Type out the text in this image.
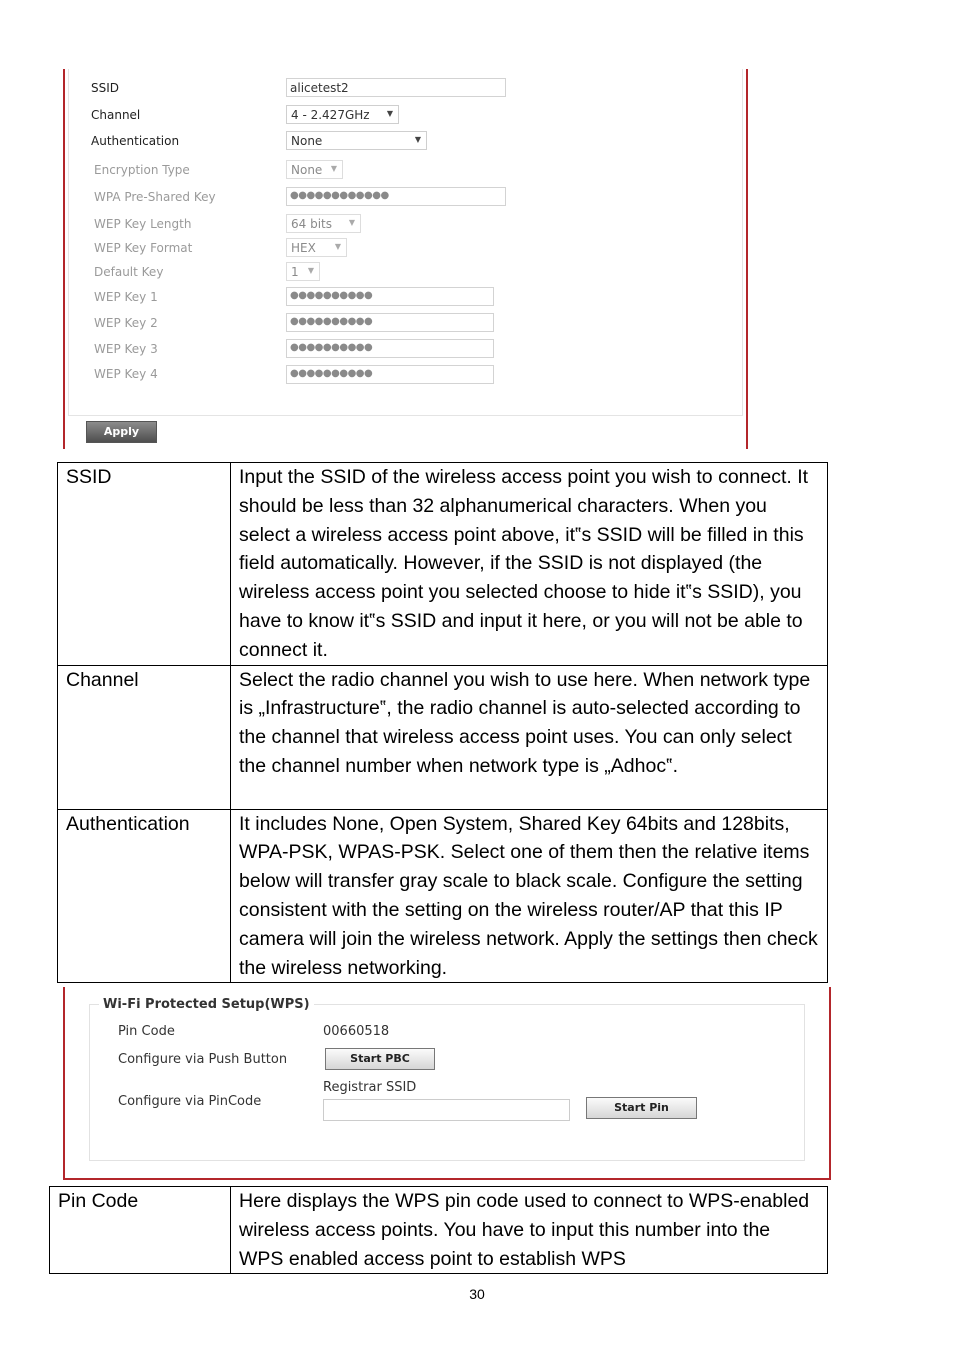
SSID	alicetest2
Channel	4 - 2.427GHz ▼
Authentication	None	▼
Encryption Type	None ▼
WPA Pre-Shared Key	●●●●●●●●●●●●
WEP Key Length	64 bits ▼
WEP Key Format	HEX ▼
Default Key	1 ▼
WEP Key 1	●●●●●●●●●●
WEP Key 2	●●●●●●●●●●
WEP Key 3	●●●●●●●●●●
WEP Key 4	●●●●●●●●●●
Apply
SSID	Input the SSID of the wireless access point you wish to connect. It should be less than 32 alphanumerical characters. When you select a wireless access point above, it‟s SSID will be filled in this field automatically. However, if the SSID is not displayed (the wireless access point you selected choose to hide it‟s SSID), you have to know it‟s SSID and input it here, or you will not be able to connect it.
Channel	Select the radio channel you wish to use here. When network type is „Infrastructure‟, the radio channel is auto-selected according to the channel that wireless access point uses. You can only select the channel number when network type is „Adhoc‟.
Authentication	It includes None, Open System, Shared Key 64bits and 128bits, WPA-PSK, WPAS-PSK. Select one of them then the relative items below will transfer gray scale to black scale. Configure the setting consistent with the setting on the wireless router/AP that this IP camera will join the wireless network. Apply the settings then check the wireless networking.
Wi-Fi Protected Setup(WPS)
Pin Code	00660518
Configure via Push Button	Start PBC
Registrar SSID
Configure via PinCode	Start Pin
Pin Code	Here displays the WPS pin code used to connect to WPS-enabled wireless access points. You have to input this number into the WPS enabled access point to establish WPS
30
